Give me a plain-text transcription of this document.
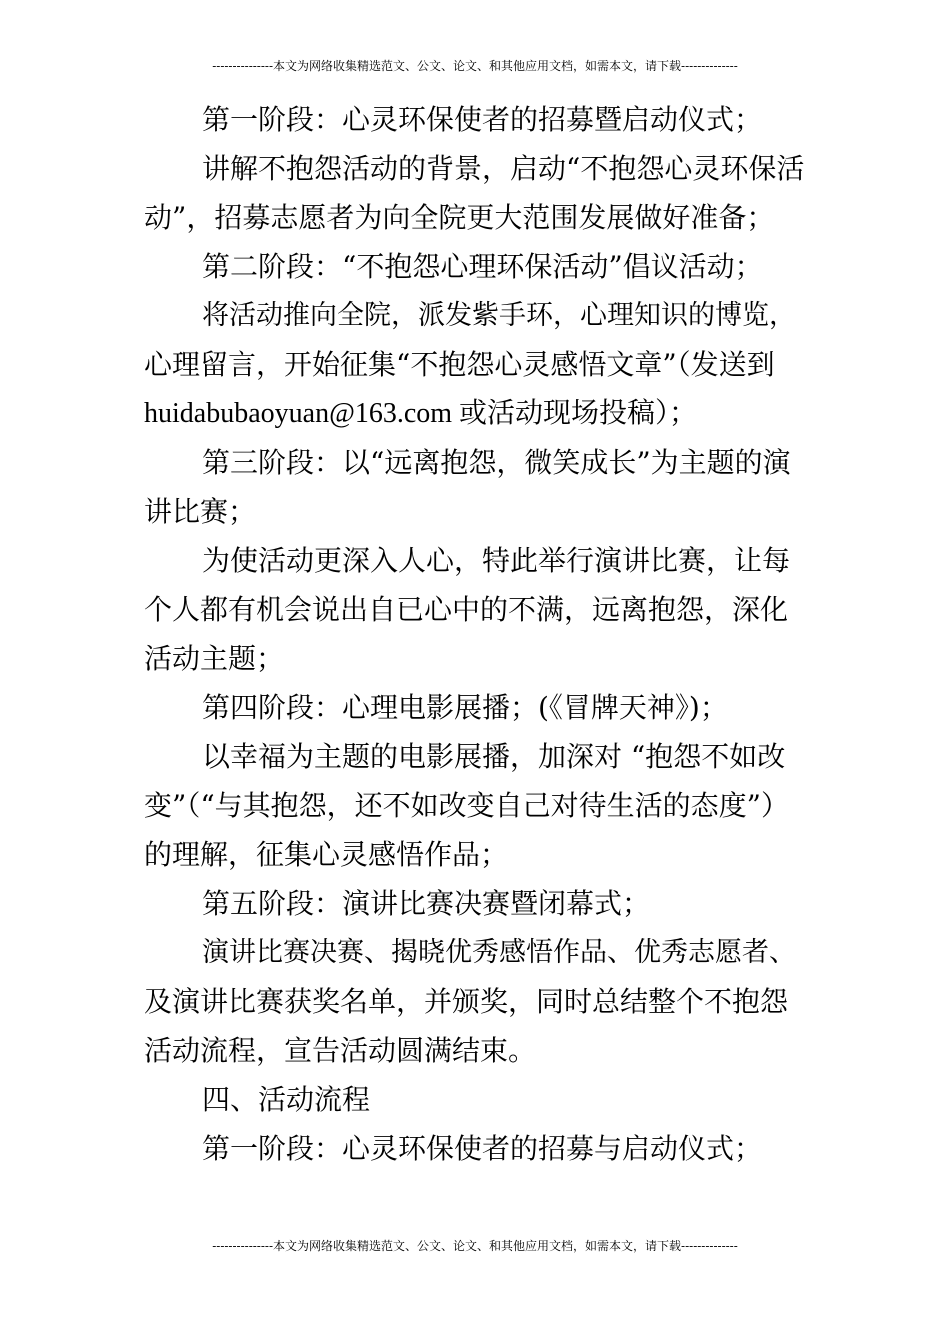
---------------本文为网络收集精选范文、公文、论文、和其他应用文档，如需本文，请下载--------------
第一阶段：心灵环保使者的招募暨启动仪式；
讲解不抱怨活动的背景，启动“不抱怨心灵环保活
动”，招募志愿者为向全院更大范围发展做好准备；
第二阶段：“不抱怨心理环保活动”倡议活动；
将活动推向全院，派发紫手环，心理知识的博览，
心理留言，开始征集“不抱怨心灵感悟文章”（发送到
huidabubaoyuan@163.com 或活动现场投稿）；
第三阶段：以“远离抱怨，微笑成长”为主题的演
讲比赛；
为使活动更深入人心，特此举行演讲比赛，让每
个人都有机会说出自已心中的不满，远离抱怨，深化
活动主题；
第四阶段：心理电影展播；(《冒牌天神》)；
以幸福为主题的电影展播，加深对 “抱怨不如改
变”（“与其抱怨，还不如改变自己对待生活的态度”）
的理解，征集心灵感悟作品；
第五阶段：演讲比赛决赛暨闭幕式；
演讲比赛决赛、揭晓优秀感悟作品、优秀志愿者、
及演讲比赛获奖名单，并颁奖，同时总结整个不抱怨
活动流程，宣告活动圆满结束。
四、活动流程
第一阶段：心灵环保使者的招募与启动仪式；
---------------本文为网络收集精选范文、公文、论文、和其他应用文档，如需本文，请下载--------------
